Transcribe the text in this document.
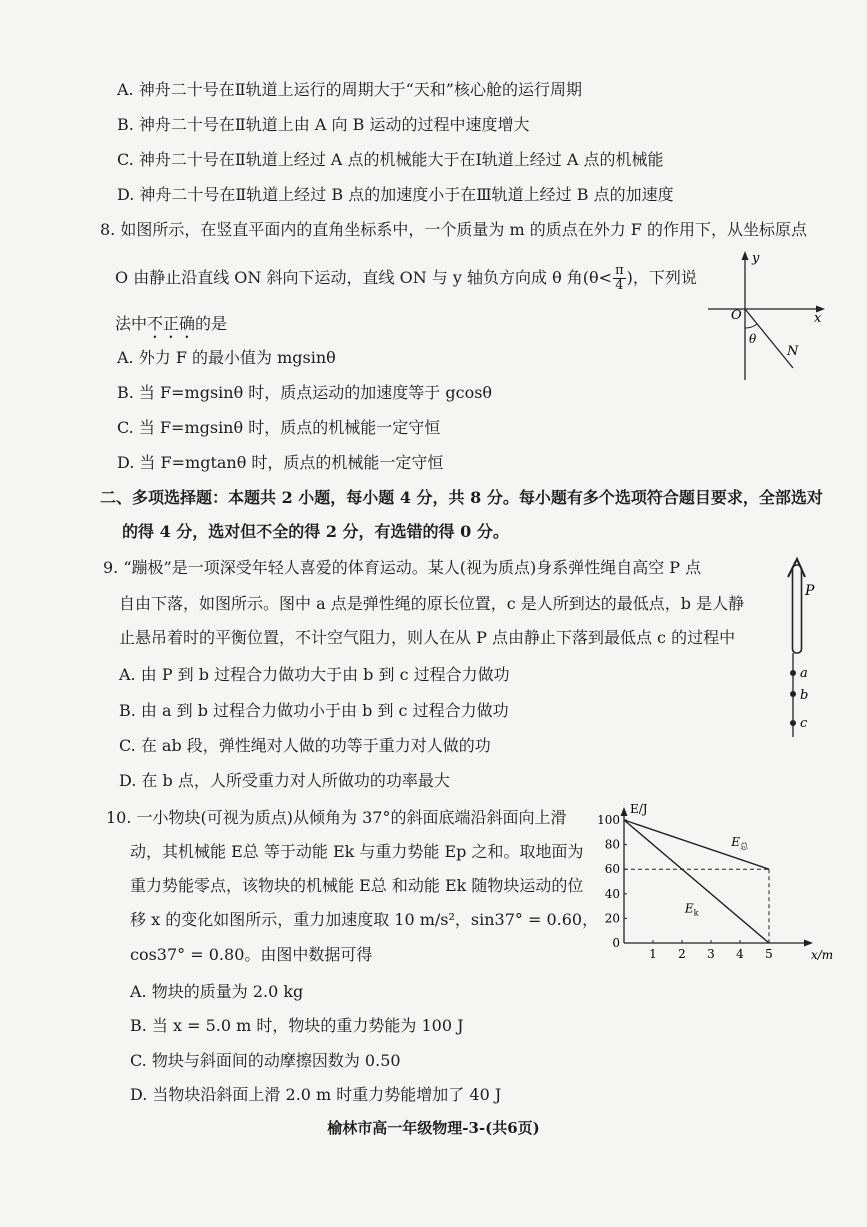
A. 神舟二十号在Ⅱ轨道上运行的周期大于“天和”核心舱的运行周期
B. 神舟二十号在Ⅱ轨道上由 A 向 B 运动的过程中速度增大
C. 神舟二十号在Ⅱ轨道上经过 A 点的机械能大于在Ⅰ轨道上经过 A 点的机械能
D. 神舟二十号在Ⅱ轨道上经过 B 点的加速度小于在Ⅲ轨道上经过 B 点的加速度
8. 如图所示，在竖直平面内的直角坐标系中，一个质量为 m 的质点在外力 F 的作用下，从坐标原点
O 由静止沿直线 ON 斜向下运动，直线 ON 与 y 轴负方向成 θ 角($\theta< \frac{\pi}{4}$ )，下列说
法中不正确的是
A. 外力 F 的最小值为 mgsinθ
B. 当 F=mgsinθ 时，质点运动的加速度等于 gcosθ
C. 当 F=mgsinθ 时，质点的机械能一定守恒
D. 当 F=mgtanθ 时，质点的机械能一定守恒
y
x
O
θ
N
二、多项选择题：本题共 2 小题，每小题 4 分，共 8 分。每小题有多个选项符合题目要求，全部选对
的得 4 分，选对但不全的得 2 分，有选错的得 0 分。
9. “蹦极”是一项深受年轻人喜爱的体育运动。某人(视为质点)身系弹性绳自高空 P 点
自由下落，如图所示。图中 a 点是弹性绳的原长位置，c 是人所到达的最低点，b 是人静
止悬吊着时的平衡位置，不计空气阻力，则人在从 P 点由静止下落到最低点 c 的过程中
A. 由 P 到 b 过程合力做功大于由 b 到 c 过程合力做功
B. 由 a 到 b 过程合力做功小于由 b 到 c 过程合力做功
C. 在 ab 段，弹性绳对人做的功等于重力对人做的功
D. 在 b 点，人所受重力对人所做功的功率最大
P
a
b
c
10. 一小物块(可视为质点)从倾角为 37°的斜面底端沿斜面向上滑
动，其机械能 E总 等于动能 Ek 与重力势能 Ep 之和。取地面为
重力势能零点，该物块的机械能 E总 和动能 Ek 随物块运动的位
移 x 的变化如图所示，重力加速度取 10 m/s²，sin37° = 0.60，
cos37° = 0.80。由图中数据可得
A. 物块的质量为 2.0 kg
B. 当 x = 5.0 m 时，物块的重力势能为 100 J
C. 物块与斜面间的动摩擦因数为 0.50
D. 当物块沿斜面上滑 2.0 m 时重力势能增加了 40 J
E/J
x/m
0
20
40
60
80
100
1 2 3 4 5
$E_总$
$E_k$
榆林市高一年级物理-3-(共6页)
